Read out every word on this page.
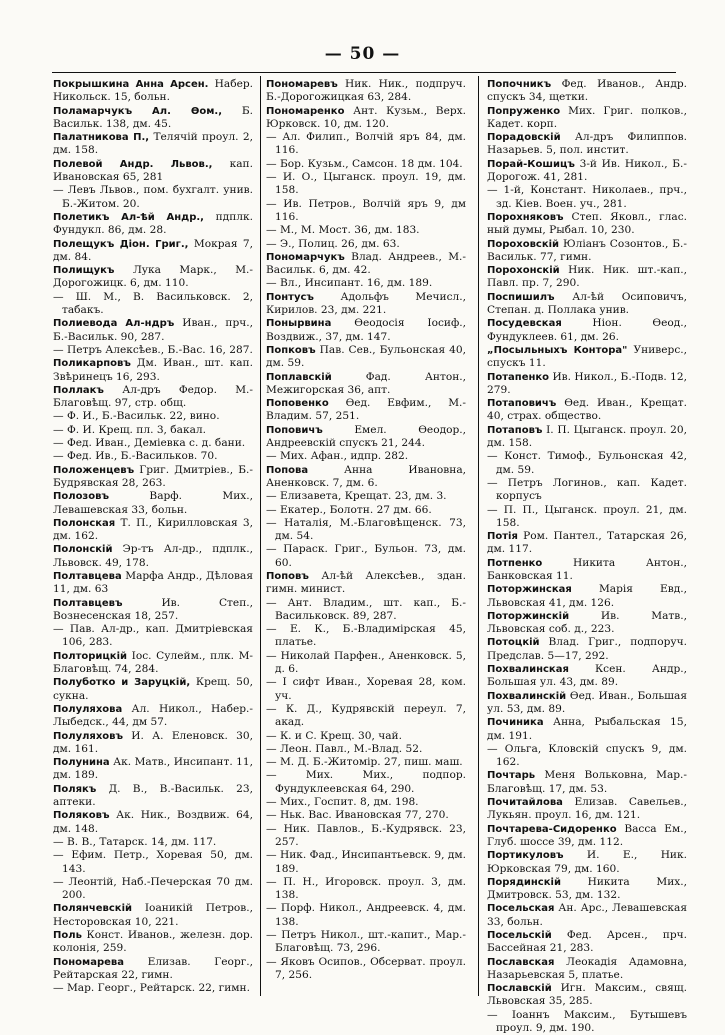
— 50 —
Покрышкина Анна Арсен. Набер. Никольск. 15, больн.
Поламарчукъ Ал. Ѳом., Б. Васильк. 138, дм. 45.
Палатникова П., Телячій проул. 2, дм. 158.
Полевой Андр. Львов., кап. Ивановская 65, 281
— Левъ Львов., пом. бухгалт. унив. Б.-Житом. 20.
Полетикъ Ал-ѣй Андр., пдплк. Фундукл. 86, дм. 28.
Полещукъ Діон. Григ., Мокрая 7, дм. 84.
Полищукъ Лука Марк., М.-Дорогожицк. 6, дм. 110.
— Ш. М., В. Васильковск. 2, табакъ.
Полиевода Ал-ндръ Иван., прч., Б.-Васильк. 90, 287.
— Петръ Алексѣев., Б.-Вас. 16, 287.
Поликарповъ Дм. Иван., шт. кап. Звѣринецъ 16, 293.
Поллакъ Ал-дръ Федор. М.-Благовѣщ. 97, стр. общ.
— Ф. И., Б.-Васильк. 22, вино.
— Ф. И. Крещ. пл. 3, бакал.
— Фед. Иван., Деміевка с. д. бани.
— Фед. Ив., Б.-Васильков. 70.
Положенцевъ Григ. Дмитріев., Б.-Будрявская 28, 263.
Полозовъ	Варф. Мих., Левашевская 33, больн.
Полонская Т. П., Кирилловская 3, дм. 162.
Полонскій Эр-тъ Ал-др., пдплк., Львовск. 49, 178.
Полтавцева Марфа Андр., Дѣловая 11, дм. 63
Полтавцевъ	Ив. Степ., Вознесенская 18, 257.
— Пав. Ал-др., кап. Дмитріевская 106, 283.
Полторицкій Іос. Сулейм., плк. М-Благовѣщ. 74, 284.
Полуботко и Заруцкій, Крещ. 50, сукна.
Полуляхова Ал. Никол., Набер.-Лыбедск., 44, дм 57.
Полуляховъ И. А. Еленовск. 30, дм. 161.
Полунина Ак. Матв., Инсипант. 11, дм. 189.
Полякъ Д. В., В.-Васильк. 23, аптеки.
Поляковъ Ак. Ник., Воздвиж. 64, дм. 148.
— В. В., Татарск. 14, дм. 117.
— Ефим. Петр., Хоревая 50, дм. 143.
— Леонтій, Наб.-Печерская 70 дм. 200.
Полянчевскій Іоаникій Петров., Несторовская 10, 221.
Поль Конст. Иванов., железн. дор. колонія, 259.
Пономарева Елизав. Георг., Рейтарская 22, гимн.
— Мар. Георг., Рейтарск. 22, гимн.
Пономаревъ Ник. Ник., подпруч. Б.-Дорогожицкая 63, 284.
Пономаренко Ант. Кузьм., Верх. Юрковск. 10, дм. 120.
— Ал. Филип., Волчій яръ 84, дм. 116.
— Бор. Кузьм., Самсон. 18 дм. 104.
— И. О., Цыганск. проул. 19, дм. 158.
— Ив. Петров., Волчій яръ 9, дм 116.
— М., М. Мост. 36, дм. 183.
— Э., Полиц. 26, дм. 63.
Пономарчукъ Влад. Андреев., М.-Васильк. 6, дм. 42.
— Вл., Инсипант. 16, дм. 189.
Понтусъ	Адольфъ Мечисл., Кирилов. 23, дм. 221.
Понырвина Ѳеодосія Іосиф., Воздвиж., 37, дм. 147.
Попковъ Пав. Сев., Бульонская 40, дм. 59.
Поплавскій	Фад. Антон., Межигорская 36, апт.
Поповенко Ѳед. Евфим., М.-Владим. 57, 251.
Поповичъ	Емел. Ѳеодор., Андреевскій спускъ 21, 244.
— Мих. Афан., идпр. 282.
Попова	Анна Ивановна, Аненковск. 7, дм. 6.
— Елизавета, Крещат. 23, дм. 3.
— Екатер., Болотн. 27 дм. 66.
— Наталія, М.-Благовѣщенск. 73, дм. 54.
— Параск. Григ., Бульон. 73, дм. 60.
Поповъ Ал-ѣй Алексѣев., здан. гимн. минист.
— Ант. Владим., шт. кап., Б.-Васильковск. 89, 287.
— Е. К., Б.-Владимірская 45, платье.
— Николай Парфен., Аненковск. 5, д. 6.
— I сифт Иван., Хоревая 28, ком. уч.
— К. Д., Кудрявскій переул. 7, акад.
— К. и С. Крещ. 30, чай.
— Леон. Павл., М.-Влад. 52.
— М. Д. Б.-Житомір. 27, пиш. маш.
— Мих. Мих., подпор. Фундуклеевская 64, 290.
— Мих., Госпит. 8, дм. 198.
— Ньк. Вас. Ивановская 77, 270.
— Ник. Павлов., Б.-Кудрявск. 23, 257.
— Ник. Фад., Инсипантьевск. 9, дм. 189.
— П. Н., Игоровск. проул. 3, дм. 138.
— Порф. Никол., Андреевск. 4, дм. 138.
— Петръ Никол., шт.-капит., Мар.-Благовѣщ. 73, 296.
— Яковъ Осипов., Обсерват. проул. 7, 256.
Попочникъ Фед. Иванов., Андр. спускъ 34, щетки.
Попруженко Мих. Григ. полков., Кадет. корп.
Порадовскій Ал-дръ Филиппов. Назарьев. 5, пол. инстит.
Порай-Кошицъ 3-й Ив. Никол., Б.-Дорогож. 41, 281.
— 1-й, Констант. Николаев., прч., зд. Кіев. Воен. уч., 281.
Порохняковъ Степ. Яковл., глас. ный думы, Рыбал. 10, 230.
Пороховскій Юліанъ Созонтов., Б.-Васильк. 77, гимн.
Порохонскій Ник. Ник. шт.-кап., Павл. пр. 7, 290.
Поспишилъ Ал-ѣй Осиповичъ, Степан. д. Поллака унив.
Посудевская	Ніон. Ѳеод., Фундуклеев. 61, дм. 26.
„Посыльныхъ Контора" Универс., спускъ 11.
Потапенко Ив. Никол., Б.-Подв. 12, 279.
Потаповичъ Ѳед. Иван., Крещат. 40, страх. общество.
Потаповъ І. П. Цыганск. проул. 20, дм. 158.
— Конст. Тимоф., Бульонская 42, дм. 59.
— Петръ Логинов., кап. Кадет. корпусъ
— П. П., Цыганск. проул. 21, дм. 158.
Потія Ром. Пантел., Татарская 26, дм. 117.
Потпенко	Никита Антон., Банковская 11.
Поторжинская	Марія Евд., Львовская 41, дм. 126.
Поторжинскій	Ив. Матв., Львовская соб. д., 223.
Потоцкій Влад. Григ., подпоруч. Предслав. 5—17, 292.
Похвалинская Ксен. Андр., Большая ул. 43, дм. 89.
Похвалинскій Ѳед. Иван., Большая ул. 53, дм. 89.
Починика Анна, Рыбальская 15, дм. 191.
— Ольга, Кловскій спускъ 9, дм. 162.
Почтарь Меня Вольковна, Мар.-Благовѣщ. 17, дм. 53.
Почитайлова Елизав. Савельев., Лукьян. проул. 16, дм. 121.
Почтарева-Сидоренко Васса Ем., Глуб. шоссе 39, дм. 112.
Портикуловъ И. Е., Ник. Юрковская 79, дм. 160.
Порядинскій	Никита Мих., Дмитровск. 53, дм. 132.
Посельская Ан. Арс., Левашевская 33, больн.
Посельскій Фед. Арсен., прч. Бассейная 21, 283.
Пославская Леокадія Адамовна, Назарьевская 5, платье.
Пославскій Игн. Максим., свящ. Львовская 35, 285.
— Іоаннъ Максим., Бутышевъ проул. 9, дм. 190.
